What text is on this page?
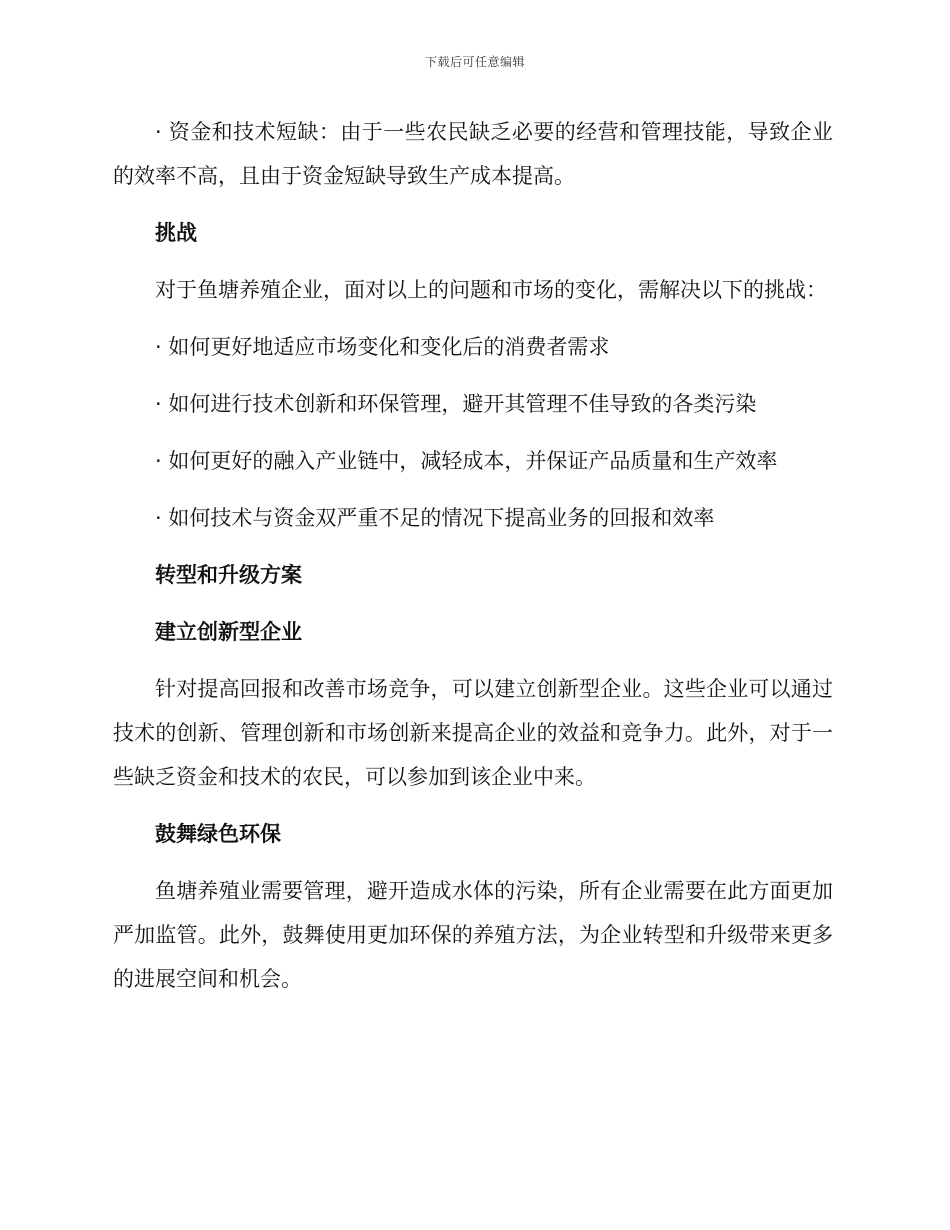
下载后可任意编辑

· 资金和技术短缺：由于一些农民缺乏必要的经营和管理技能，导致企业的效率不高，且由于资金短缺导致生产成本提高。

挑战

对于鱼塘养殖企业，面对以上的问题和市场的变化，需解决以下的挑战：

· 如何更好地适应市场变化和变化后的消费者需求

· 如何进行技术创新和环保管理，避开其管理不佳导致的各类污染

· 如何更好的融入产业链中，减轻成本，并保证产品质量和生产效率

· 如何技术与资金双严重不足的情况下提高业务的回报和效率

转型和升级方案

建立创新型企业

针对提高回报和改善市场竞争，可以建立创新型企业。这些企业可以通过技术的创新、管理创新和市场创新来提高企业的效益和竞争力。此外，对于一些缺乏资金和技术的农民，可以参加到该企业中来。

鼓舞绿色环保

鱼塘养殖业需要管理，避开造成水体的污染，所有企业需要在此方面更加严加监管。此外，鼓舞使用更加环保的养殖方法，为企业转型和升级带来更多的进展空间和机会。
